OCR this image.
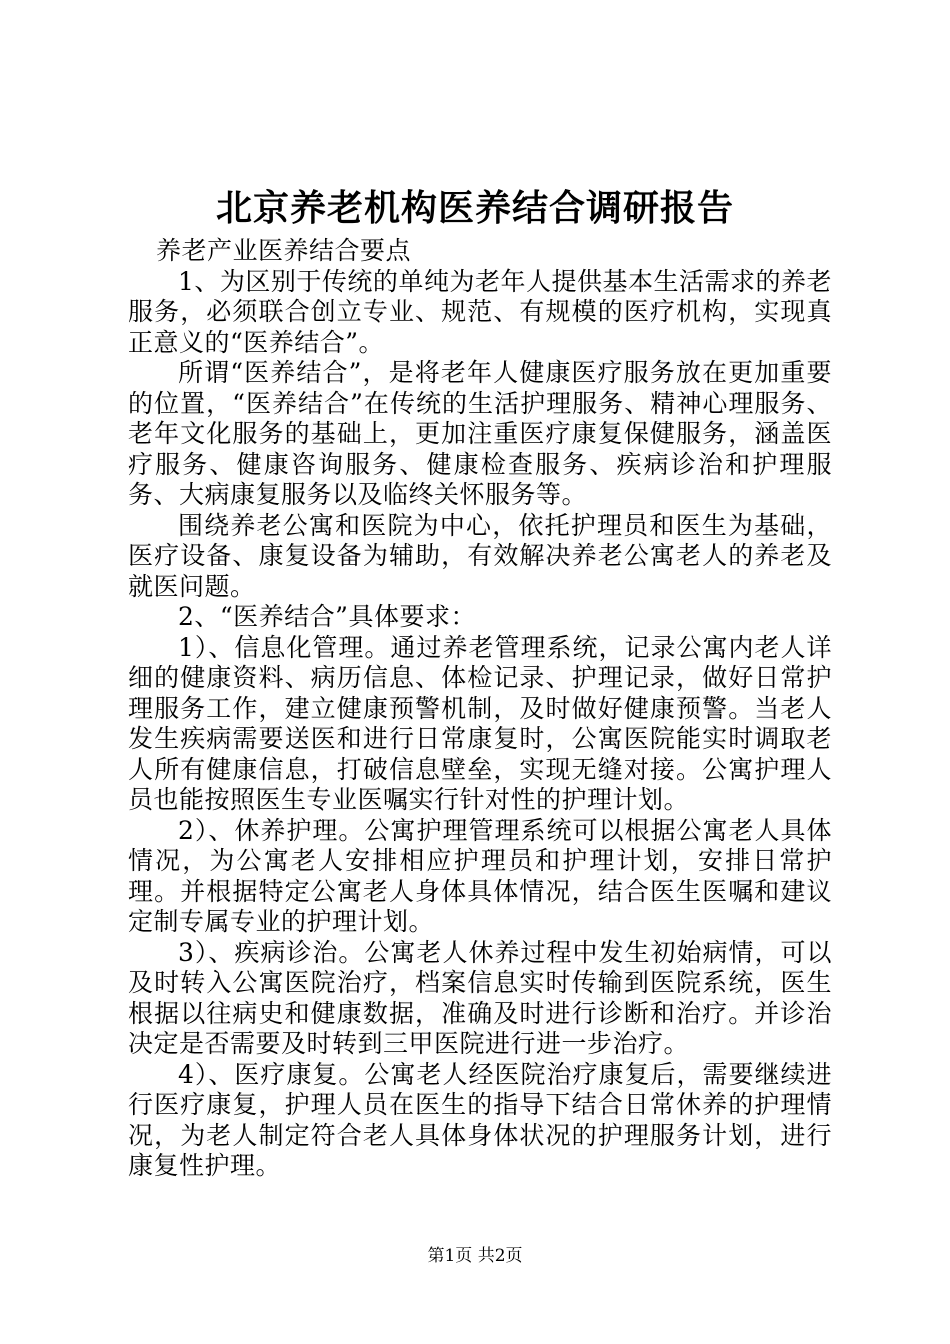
北京养老机构医养结合调研报告

养老产业医养结合要点

1、为区别于传统的单纯为老年人提供基本生活需求的养老服务，必须联合创立专业、规范、有规模的医疗机构，实现真正意义的“医养结合”。

所谓“医养结合”，是将老年人健康医疗服务放在更加重要的位置，“医养结合”在传统的生活护理服务、精神心理服务、老年文化服务的基础上，更加注重医疗康复保健服务，涵盖医疗服务、健康咨询服务、健康检查服务、疾病诊治和护理服务、大病康复服务以及临终关怀服务等。

围绕养老公寓和医院为中心，依托护理员和医生为基础，医疗设备、康复设备为辅助，有效解决养老公寓老人的养老及就医问题。

2、“医养结合”具体要求：

1）、信息化管理。通过养老管理系统，记录公寓内老人详细的健康资料、病历信息、体检记录、护理记录，做好日常护理服务工作，建立健康预警机制，及时做好健康预警。当老人发生疾病需要送医和进行日常康复时，公寓医院能实时调取老人所有健康信息，打破信息壁垒，实现无缝对接。公寓护理人员也能按照医生专业医嘱实行针对性的护理计划。

2）、休养护理。公寓护理管理系统可以根据公寓老人具体情况，为公寓老人安排相应护理员和护理计划，安排日常护理。并根据特定公寓老人身体具体情况，结合医生医嘱和建议定制专属专业的护理计划。

3）、疾病诊治。公寓老人休养过程中发生初始病情，可以及时转入公寓医院治疗，档案信息实时传输到医院系统，医生根据以往病史和健康数据，准确及时进行诊断和治疗。并诊治决定是否需要及时转到三甲医院进行进一步治疗。

4）、医疗康复。公寓老人经医院治疗康复后，需要继续进行医疗康复，护理人员在医生的指导下结合日常休养的护理情况，为老人制定符合老人具体身体状况的护理服务计划，进行康复性护理。

第1页 共2页
